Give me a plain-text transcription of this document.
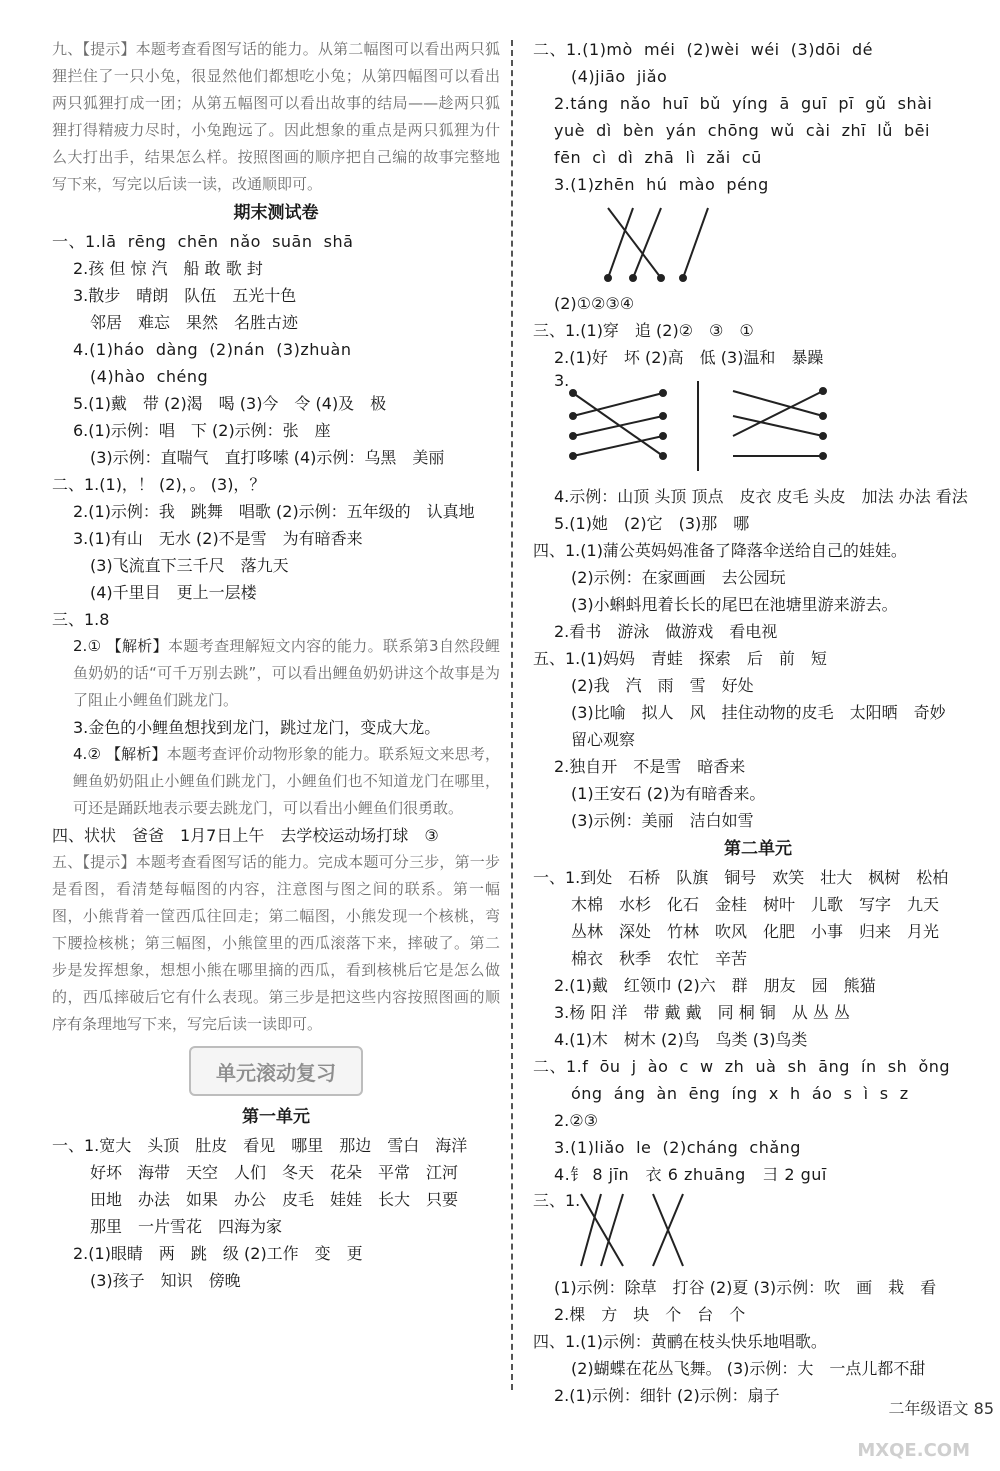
九、【提示】本题考查看图写话的能力。从第二幅图可以看出两只狐狸拦住了一只小兔，很显然他们都想吃小兔；从第四幅图可以看出两只狐狸打成一团；从第五幅图可以看出故事的结局——趁两只狐狸打得精疲力尽时，小兔跑远了。因此想象的重点是两只狐狸为什么大打出手，结果怎么样。按照图画的顺序把自己编的故事完整地写下来，写完以后读一读，改通顺即可。
期末测试卷
一、1.lā  rēng  chēn  nǎo  suān  shā
2.孩 但 惊 汽　船 敢 歌 封
3.散步　晴朗　队伍　五光十色
邻居　难忘　果然　名胜古迹
4.(1)háo  dàng  (2)nán  (3)zhuàn
(4)hào  chéng
5.(1)戴　带 (2)渴　喝 (3)今　令 (4)及　极
6.(1)示例：唱　下 (2)示例：张　座
(3)示例：直喘气　直打哆嗦 (4)示例：乌黑　美丽
二、1.(1)，！ (2)，。 (3)，？
2.(1)示例：我　跳舞　唱歌 (2)示例：五年级的　认真地
3.(1)有山　无水 (2)不是雪　为有暗香来
(3)飞流直下三千尺　落九天
(4)千里目　更上一层楼
三、1.8
2.① 【解析】本题考查理解短文内容的能力。联系第3自然段鲤鱼奶奶的话“可千万别去跳”，可以看出鲤鱼奶奶讲这个故事是为了阻止小鲤鱼们跳龙门。
3.金色的小鲤鱼想找到龙门，跳过龙门，变成大龙。
4.② 【解析】本题考查评价动物形象的能力。联系短文来思考，鲤鱼奶奶阻止小鲤鱼们跳龙门，小鲤鱼们也不知道龙门在哪里，可还是踊跃地表示要去跳龙门，可以看出小鲤鱼们很勇敢。
四、状状　爸爸　1月7日上午　去学校运动场打球　③
五、【提示】本题考查看图写话的能力。完成本题可分三步，第一步是看图，看清楚每幅图的内容，注意图与图之间的联系。第一幅图，小熊背着一筐西瓜往回走；第二幅图，小熊发现一个核桃，弯下腰捡核桃；第三幅图，小熊筐里的西瓜滚落下来，摔破了。第二步是发挥想象，想想小熊在哪里摘的西瓜，看到核桃后它是怎么做的，西瓜摔破后它有什么表现。第三步是把这些内容按照图画的顺序有条理地写下来，写完后读一读即可。
单元滚动复习
第一单元
一、1.宽大　头顶　肚皮　看见　哪里　那边　雪白　海洋
好坏　海带　天空　人们　冬天　花朵　平常　江河
田地　办法　如果　办公　皮毛　娃娃　长大　只要
那里　一片雪花　四海为家
2.(1)眼睛　两　跳　级 (2)工作　变　更
(3)孩子　知识　傍晚
二、1.(1)mò  méi  (2)wèi  wéi  (3)dōi  dé
(4)jiāo  jiǎo
2.táng  nǎo  huī  bǔ  yíng  ā  guī  pī  gǔ  shài
yuè  dì  bèn  yán  chōng  wǔ  cài  zhī  lǚ  bēi
fēn  cì  dì  zhā  lì  zǎi  cū
3.(1)zhēn  hú  mào  péng
(2)①②③④
三、1.(1)穿　追 (2)②　③　①
2.(1)好　坏 (2)高　低 (3)温和　暴躁
3.
4.示例：山顶 头顶 顶点　皮衣 皮毛 头皮　加法 办法 看法
5.(1)她　(2)它　(3)那　哪
四、1.(1)蒲公英妈妈准备了降落伞送给自己的娃娃。
(2)示例：在家画画　去公园玩
(3)小蝌蚪甩着长长的尾巴在池塘里游来游去。
2.看书　游泳　做游戏　看电视
五、1.(1)妈妈　青蛙　探索　后　前　短
(2)我　汽　雨　雪　好处
(3)比喻　拟人　风　挂住动物的皮毛　太阳晒　奇妙
留心观察
2.独自开　不是雪　暗香来
(1)王安石 (2)为有暗香来。
(3)示例：美丽　洁白如雪
第二单元
一、1.到处　石桥　队旗　铜号　欢笑　壮大　枫树　松柏
木棉　水杉　化石　金桂　树叶　儿歌　写字　九天
丛林　深处　竹林　吹风　化肥　小事　归来　月光
棉衣　秋季　农忙　辛苦
2.(1)戴　红领巾 (2)六　群　朋友　园　熊猫
3.杨 阳 洋　带 戴 戴　同 桐 铜　从 丛 丛
4.(1)木　树木 (2)鸟　鸟类 (3)鸟类
二、1.f  ōu  j  ào  c  w  zh  uà  sh  āng  ín  sh  ǒng
óng  áng  àn  ēng  íng  x  h  áo  s  ì  s  z
2.②③
3.(1)liǎo  le  (2)cháng  chǎng
4.钅 8 jīn　衣 6 zhuāng　彐 2 guī
三、1.
(1)示例：除草　打谷 (2)夏 (3)示例：吹　画　栽　看
2.棵　方　块　个　台　个
四、1.(1)示例：黄鹂在枝头快乐地唱歌。
(2)蝴蝶在花丛飞舞。 (3)示例：大　一点儿都不甜
2.(1)示例：细针 (2)示例：扇子
二年级语文 85
MXQE.COM
